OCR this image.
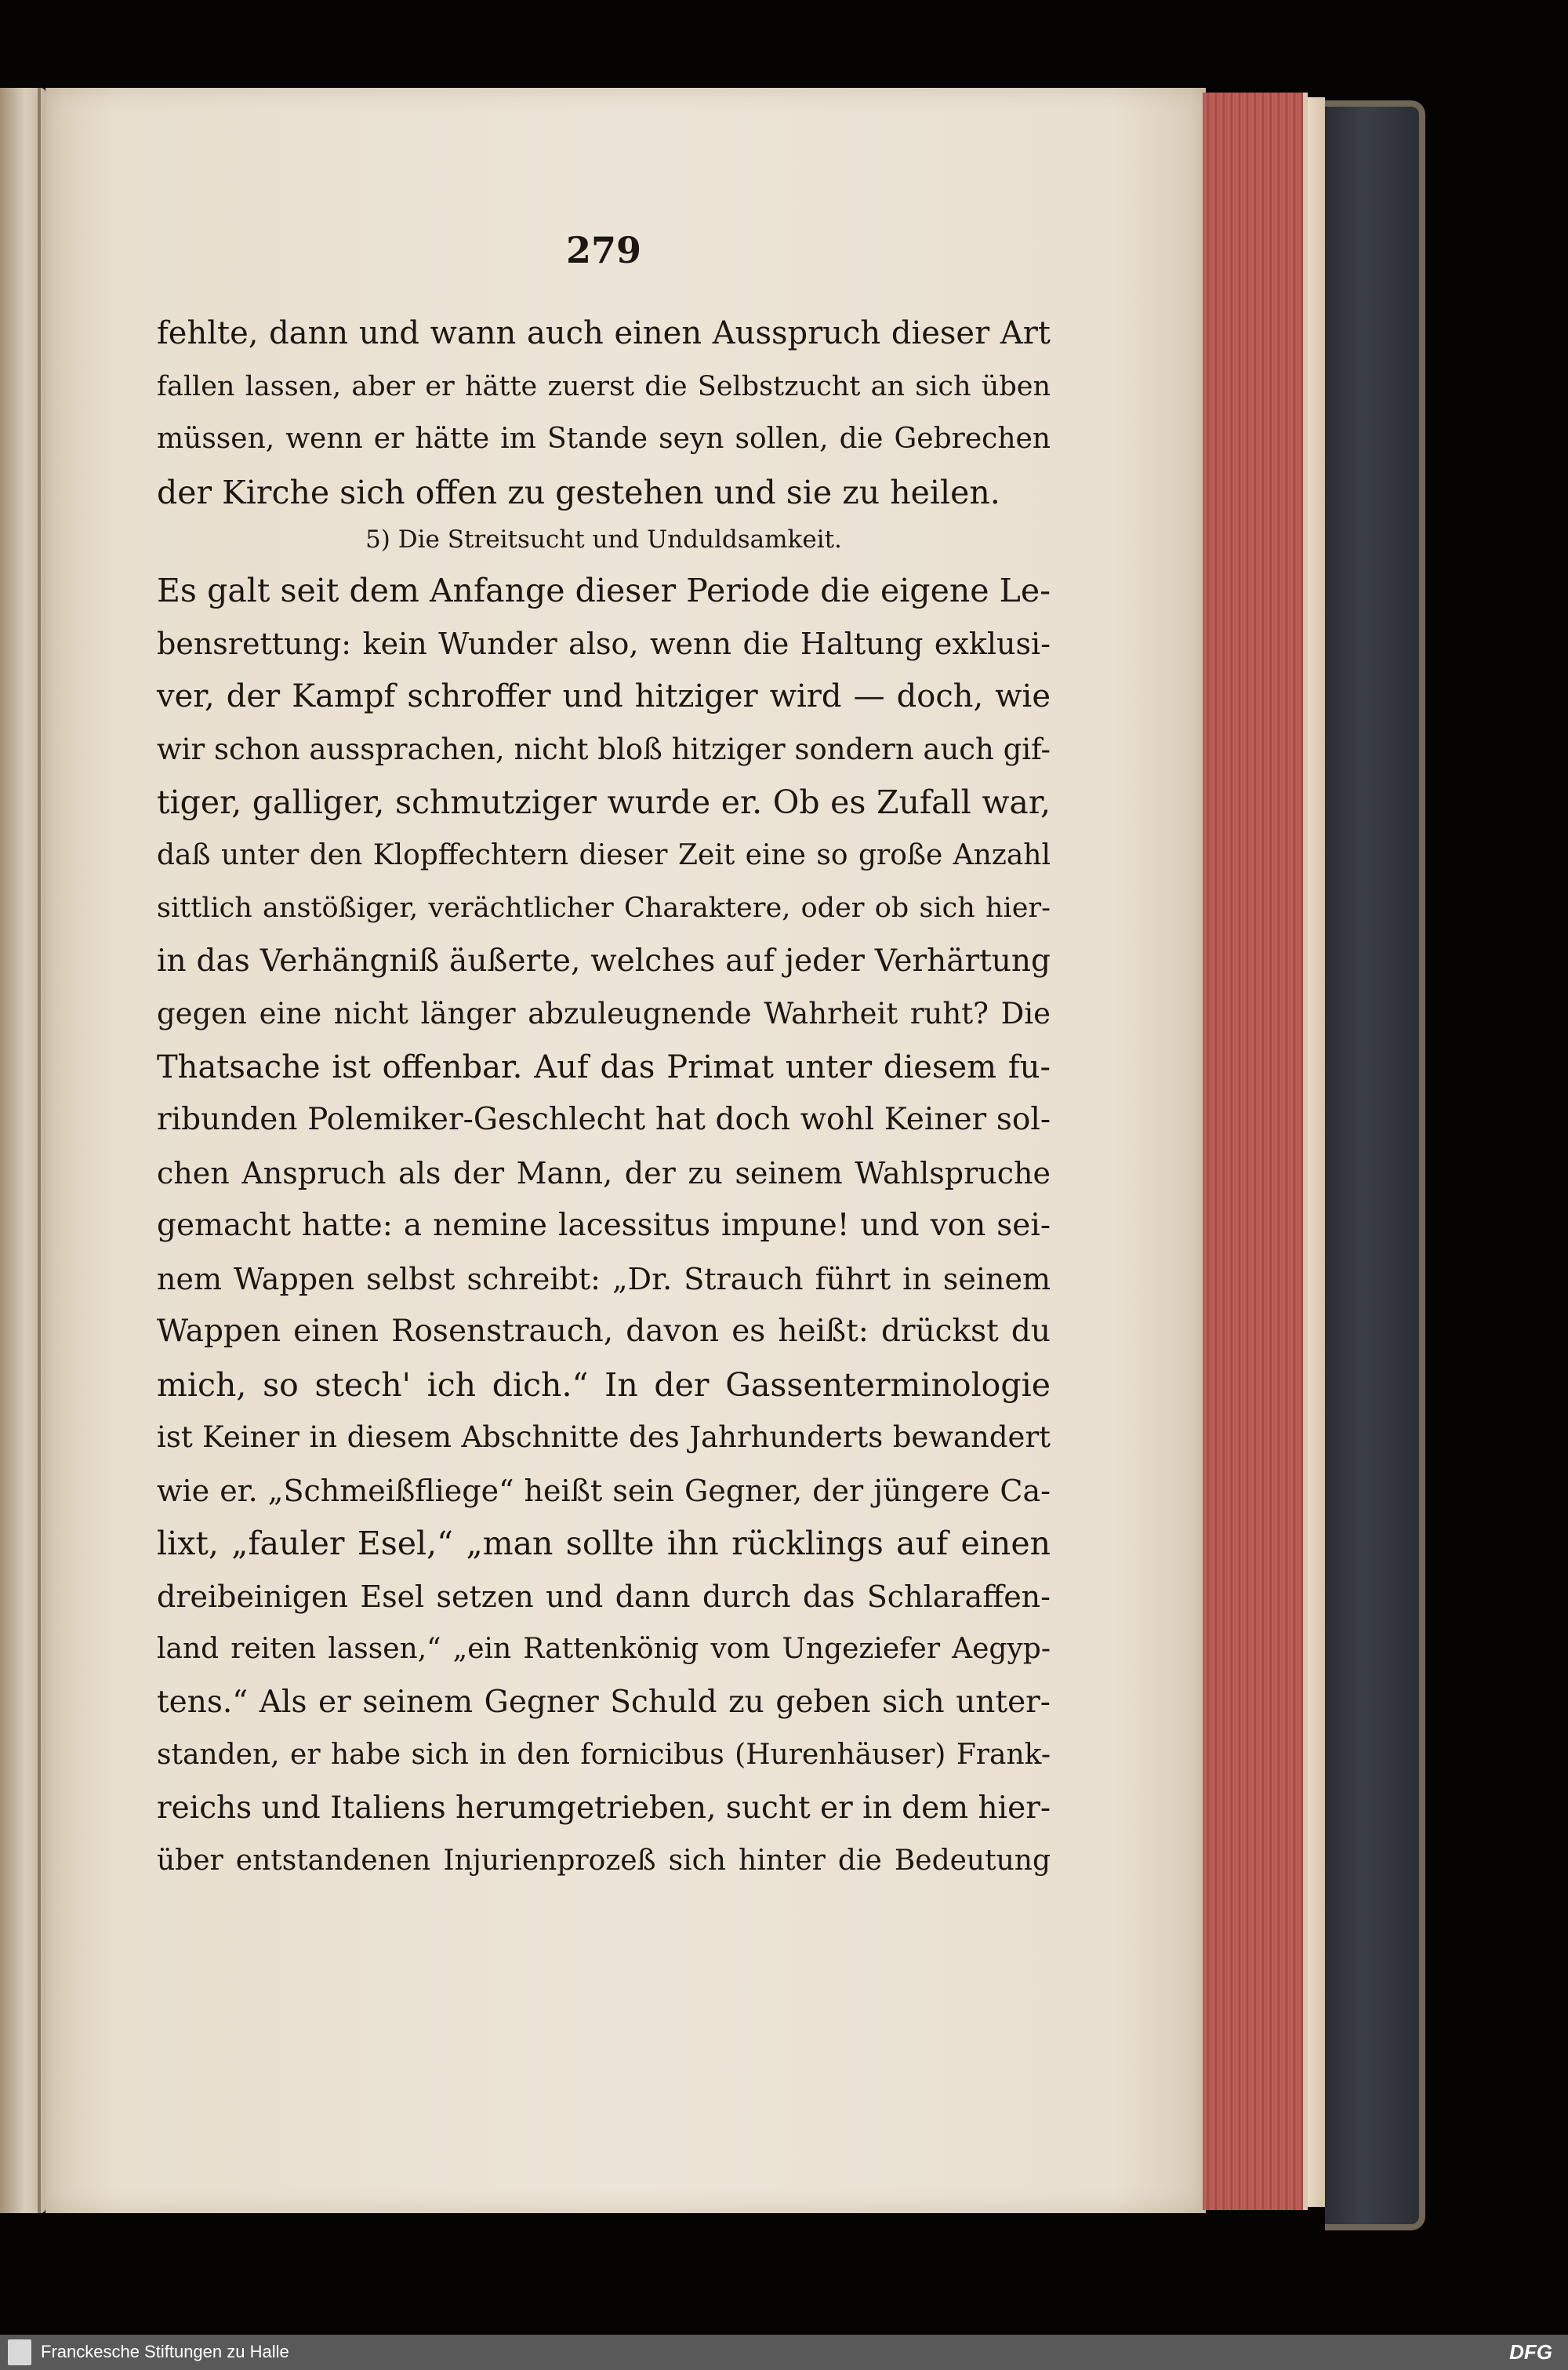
279
fehlte, dann und wann auch einen Ausspruch dieser Art
fallen lassen, aber er hätte zuerst die Selbstzucht an sich üben
müssen, wenn er hätte im Stande seyn sollen, die Gebrechen
der Kirche sich offen zu gestehen und sie zu heilen.
5) Die Streitsucht und Unduldsamkeit.
Es galt seit dem Anfange dieser Periode die eigene Le-
bensrettung: kein Wunder also, wenn die Haltung exklusi-
ver, der Kampf schroffer und hitziger wird — doch, wie
wir schon aussprachen, nicht bloß hitziger sondern auch gif-
tiger, galliger, schmutziger wurde er. Ob es Zufall war,
daß unter den Klopffechtern dieser Zeit eine so große Anzahl
sittlich anstößiger, verächtlicher Charaktere, oder ob sich hier-
in das Verhängniß äußerte, welches auf jeder Verhärtung
gegen eine nicht länger abzuleugnende Wahrheit ruht? Die
Thatsache ist offenbar. Auf das Primat unter diesem fu-
ribunden Polemiker-Geschlecht hat doch wohl Keiner sol-
chen Anspruch als der Mann, der zu seinem Wahlspruche
gemacht hatte: a nemine lacessitus impune! und von sei-
nem Wappen selbst schreibt: „Dr. Strauch führt in seinem
Wappen einen Rosenstrauch, davon es heißt: drückst du
mich, so stech' ich dich.“ In der Gassenterminologie
ist Keiner in diesem Abschnitte des Jahrhunderts bewandert
wie er. „Schmeißfliege“ heißt sein Gegner, der jüngere Ca-
lixt, „fauler Esel,“ „man sollte ihn rücklings auf einen
dreibeinigen Esel setzen und dann durch das Schlaraffen-
land reiten lassen,“ „ein Rattenkönig vom Ungeziefer Aegyp-
tens.“ Als er seinem Gegner Schuld zu geben sich unter-
standen, er habe sich in den fornicibus (Hurenhäuser) Frank-
reichs und Italiens herumgetrieben, sucht er in dem hier-
über entstandenen Injurienprozeß sich hinter die Bedeutung
Franckesche Stiftungen zu Halle	DFG
